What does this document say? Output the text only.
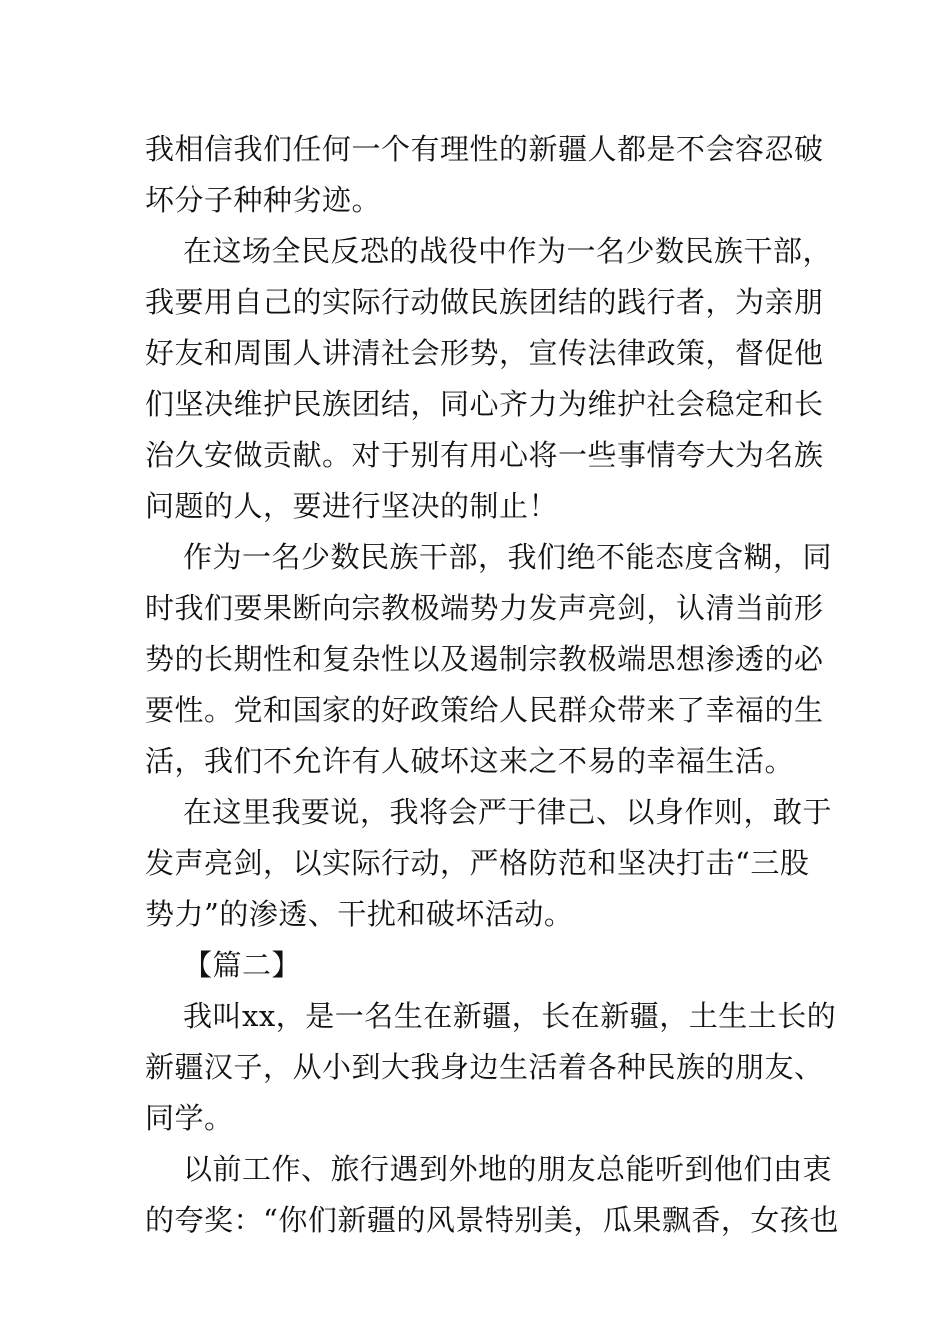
我相信我们任何一个有理性的新疆人都是不会容忍破
坏分子种种劣迹。
在这场全民反恐的战役中作为一名少数民族干部，
我要用自己的实际行动做民族团结的践行者，为亲朋
好友和周围人讲清社会形势，宣传法律政策，督促他
们坚决维护民族团结，同心齐力为维护社会稳定和长
治久安做贡献。对于别有用心将一些事情夸大为名族
问题的人，要进行坚决的制止！
作为一名少数民族干部，我们绝不能态度含糊，同
时我们要果断向宗教极端势力发声亮剑，认清当前形
势的长期性和复杂性以及遏制宗教极端思想渗透的必
要性。党和国家的好政策给人民群众带来了幸福的生
活，我们不允许有人破坏这来之不易的幸福生活。
在这里我要说，我将会严于律己、以身作则，敢于
发声亮剑，以实际行动，严格防范和坚决打击“三股
势力”的渗透、干扰和破坏活动。
【篇二】
我叫xx，是一名生在新疆，长在新疆，土生土长的
新疆汉子，从小到大我身边生活着各种民族的朋友、
同学。
以前工作、旅行遇到外地的朋友总能听到他们由衷
的夸奖：“你们新疆的风景特别美，瓜果飘香，女孩也
